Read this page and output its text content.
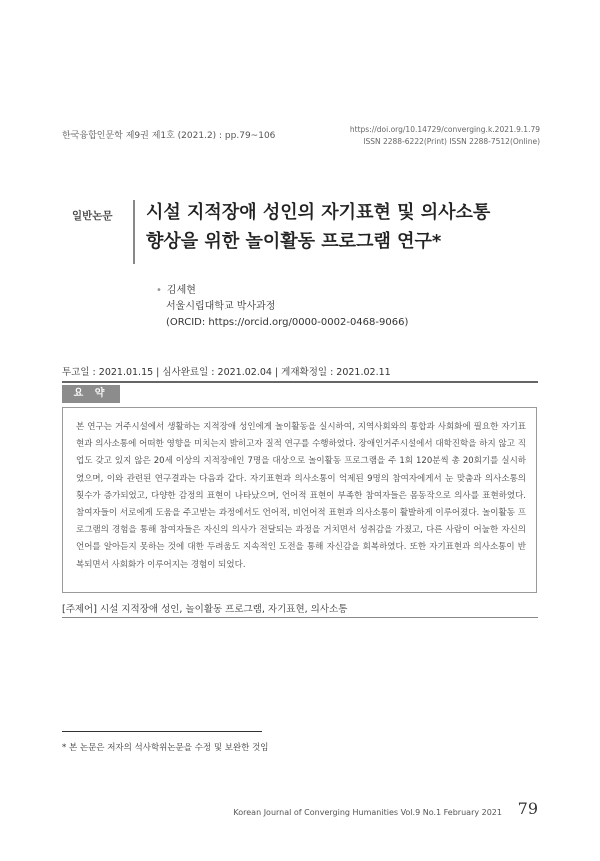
한국융합인문학 제9권 제1호 (2021.2) : pp.79~106
https://doi.org/10.14729/converging.k.2021.9.1.79
ISSN 2288-6222(Print) ISSN 2288-7512(Online)
일반논문 시설 지적장애 성인의 자기표현 및 의사소통
향상을 위한 놀이활동 프로그램 연구*
• 김세현
서울시립대학교 박사과정
(ORCID: https://orcid.org/0000-0002-0468-9066)
투고일 : 2021.01.15 | 심사완료일 : 2021.02.04 | 게재확정일 : 2021.02.11
요 약
본 연구는 거주시설에서 생활하는 지적장애 성인에게 놀이활동을 실시하여, 지역사회와의 통합과 사회화에 필요한 자기표현과 의사소통에 어떠한 영향을 미치는지 밝히고자 질적 연구를 수행하였다. 장애인거주시설에서 대학진학을 하지 않고 직업도 갖고 있지 않은 20세 이상의 지적장애인 7명을 대상으로 놀이활동 프로그램을 주 1회 120분씩 총 20회기를 실시하였으며, 이와 관련된 연구결과는 다음과 같다. 자기표현과 의사소통이 억제된 9명의 참여자에게서 눈 맞춤과 의사소통의 횟수가 증가되었고, 다양한 감정의 표현이 나타났으며, 언어적 표현이 부족한 참여자들은 몸동작으로 의사를 표현하였다. 참여자들이 서로에게 도움을 주고받는 과정에서도 언어적, 비언어적 표현과 의사소통이 활발하게 이루어졌다. 놀이활동 프로그램의 경험을 통해 참여자들은 자신의 의사가 전달되는 과정을 거치면서 성취감을 가졌고, 다른 사람이 어눌한 자신의 언어를 알아듣지 못하는 것에 대한 두려움도 지속적인 도전을 통해 자신감을 회복하였다. 또한 자기표현과 의사소통이 반복되면서 사회화가 이루어지는 경험이 되었다.
[주제어] 시설 지적장애 성인, 놀이활동 프로그램, 자기표현, 의사소통
* 본 논문은 저자의 석사학위논문을 수정 및 보완한 것임
Korean Journal of Converging Humanities Vol.9 No.1 February 2021 79
